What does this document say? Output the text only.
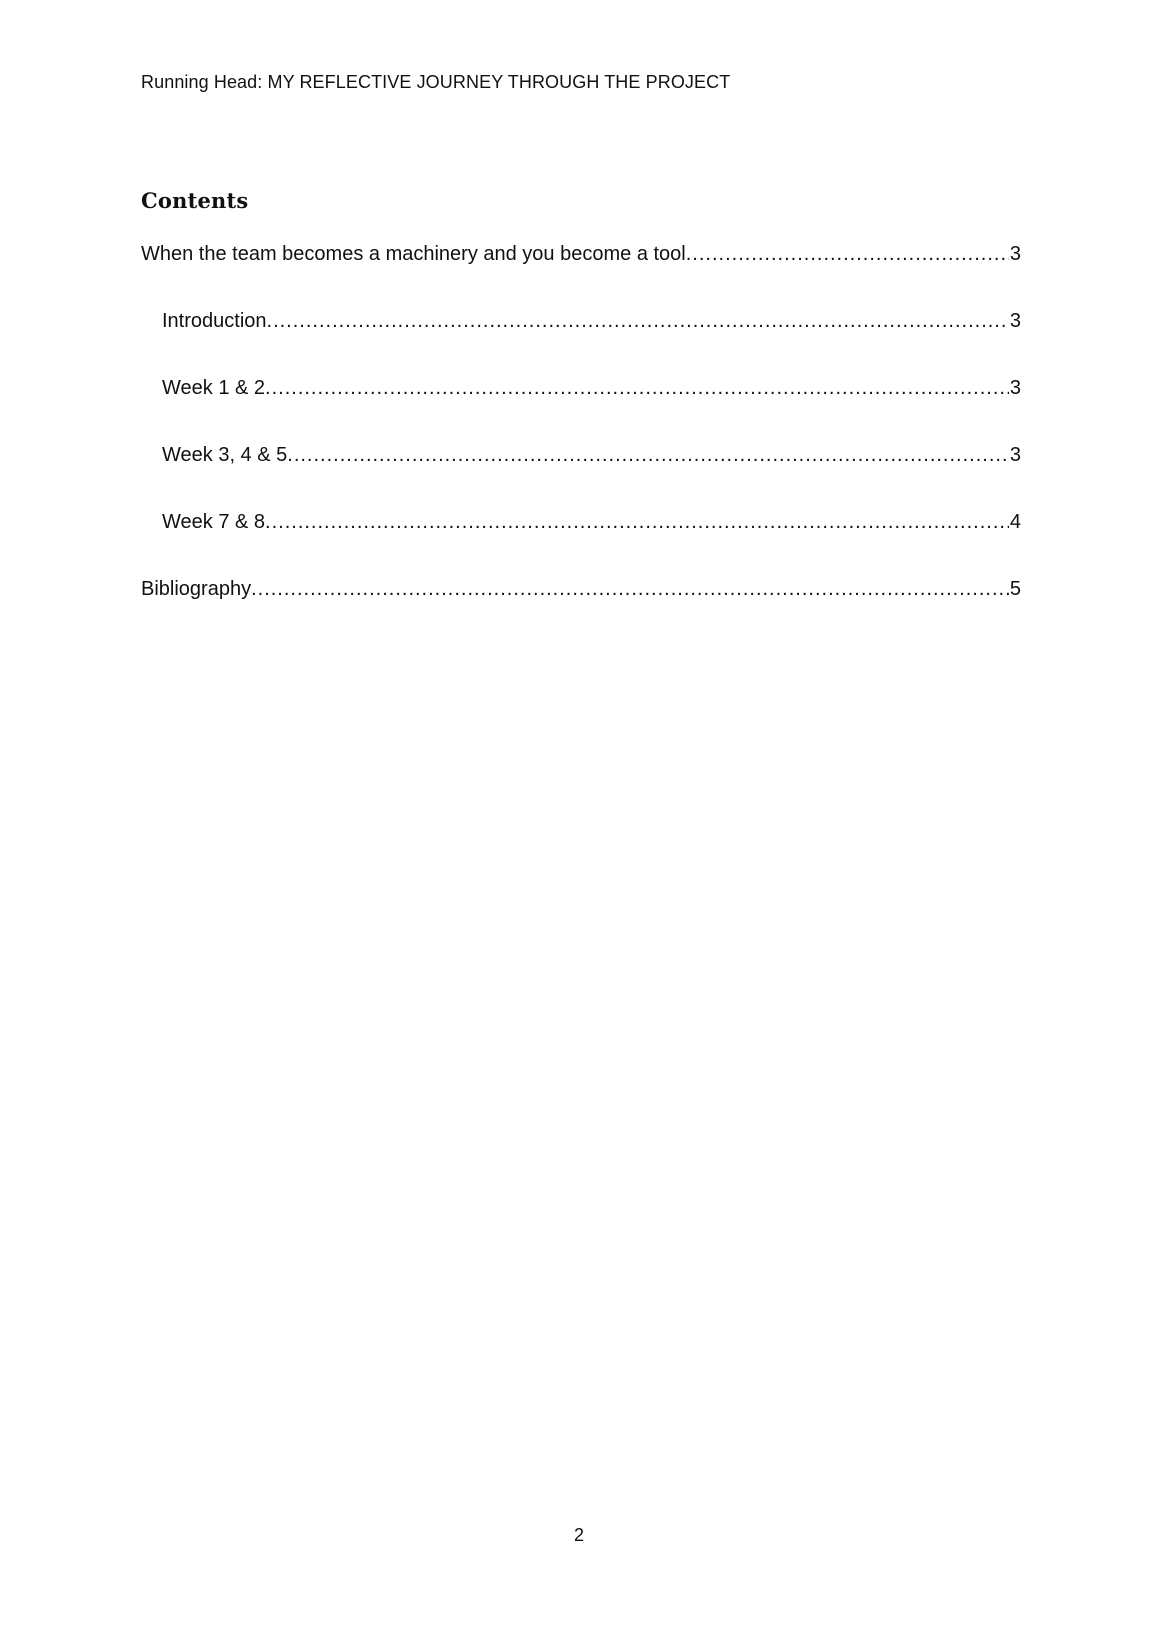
Running Head: MY REFLECTIVE JOURNEY THROUGH THE PROJECT
Contents
When the team becomes a machinery and you become a tool .....	3
Introduction .....	3
Week 1 & 2 .....	3
Week 3, 4 & 5 .....	3
Week 7 & 8 .....	4
Bibliography .....	5
2
